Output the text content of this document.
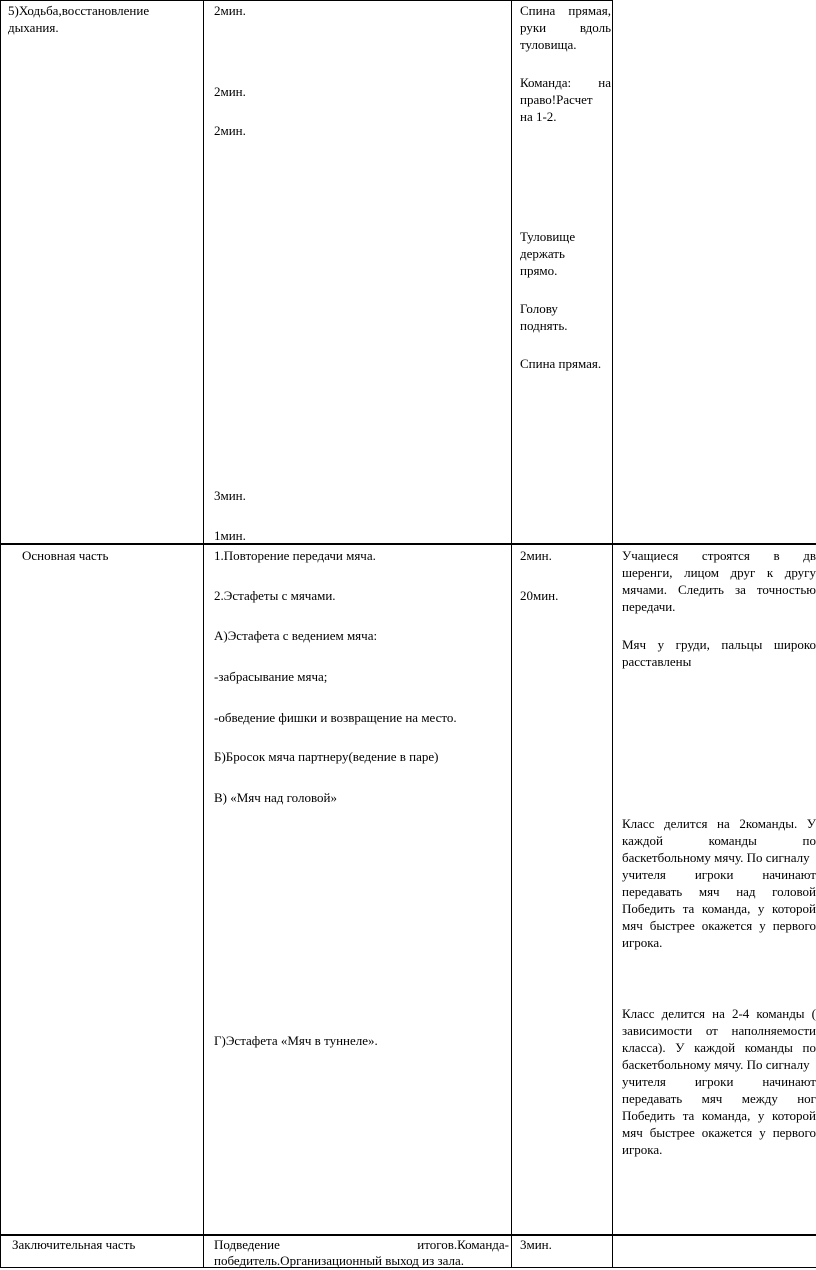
5)Ходьба,восстановление
дыхания.
2мин.
2мин.
2мин.
3мин.
1мин.
Спина прямая,
руки вдоль
туловища.
Команда: на
право!Расчет
на 1-2.
Туловище
держать
прямо.
Голову
поднять.
Спина прямая.
Основная часть	1.Повторение передачи мяча.
2.Эстафеты с мячами.
А)Эстафета с ведением мяча:
-забрасывание мяча;
-обведение фишки и возвращение на место.
Б)Бросок мяча партнеру(ведение в паре)
В) «Мяч над головой»
Г)Эстафета «Мяч в туннеле».
2мин.
20мин.
Учащиеся строятся в дв
шеренги, лицом друг к другу
мячами. Следить за точностью
передачи.
Мяч у груди, пальцы широко
расставлены
Класс делится на 2команды. У
каждой команды по
баскетбольному мячу. По сигналу
учителя игроки начинают
передавать мяч над головой
Победить та команда, у которой
мяч быстрее окажется у первого
игрока.
Класс делится на 2-4 команды (
зависимости от наполняемости
класса). У каждой команды по
баскетбольному мячу. По сигналу
учителя игроки начинают
передавать мяч между ног
Победить та команда, у которой
мяч быстрее окажется у первого
игрока.
Заключительная часть	Подведение итогов.Команда-
победитель.Организационный выход из зала.
3мин.
